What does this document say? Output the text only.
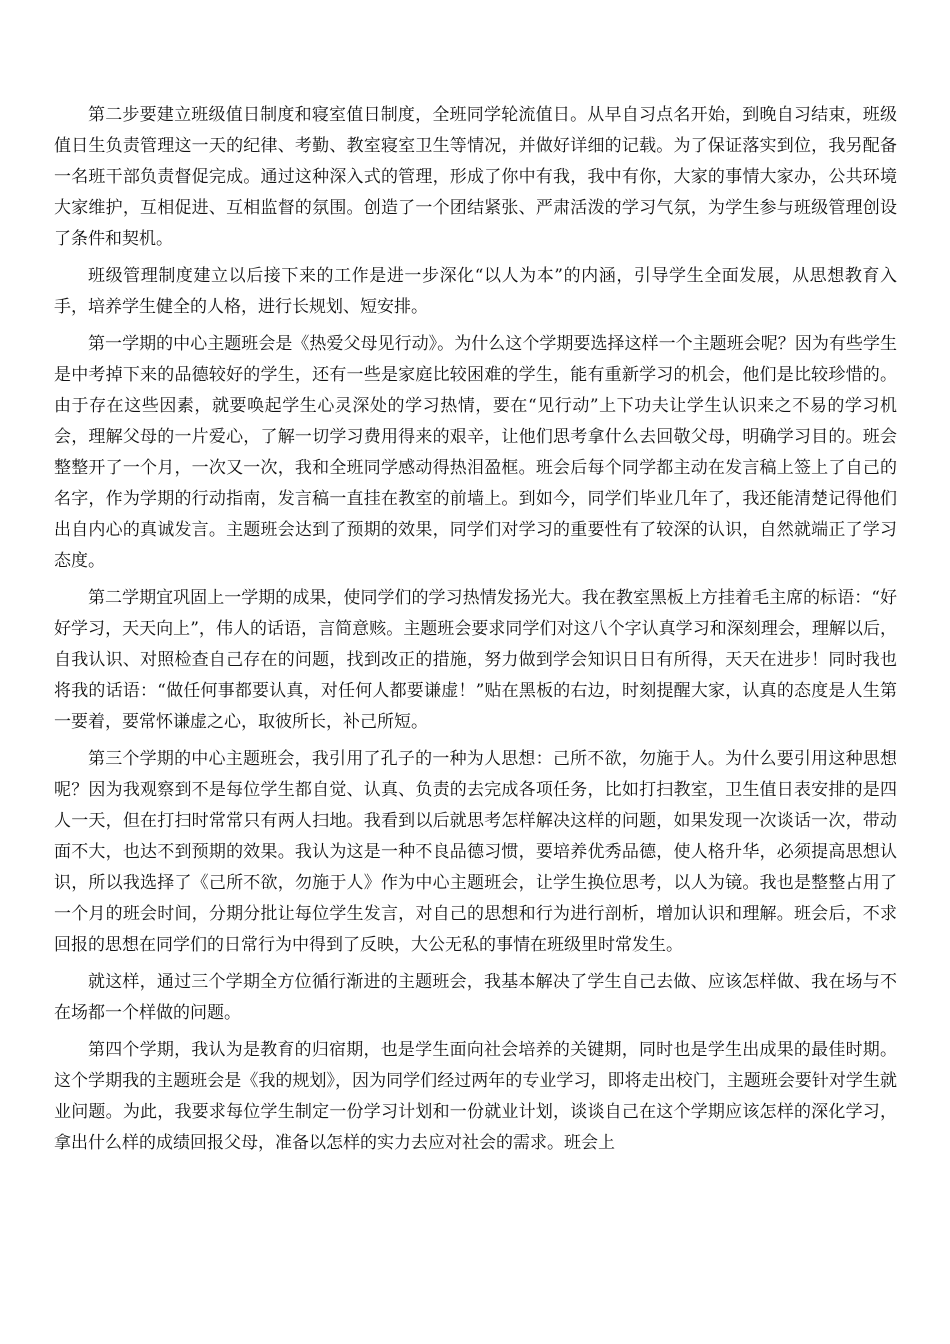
第二步要建立班级值日制度和寝室值日制度，全班同学轮流值日。从早自习点名开始，到晚自习结束，班级值日生负责管理这一天的纪律、考勤、教室寝室卫生等情况，并做好详细的记载。为了保证落实到位，我另配备一名班干部负责督促完成。通过这种深入式的管理，形成了你中有我，我中有你，大家的事情大家办，公共环境大家维护，互相促进、互相监督的氛围。创造了一个团结紧张、严肃活泼的学习气氛，为学生参与班级管理创设了条件和契机。

班级管理制度建立以后接下来的工作是进一步深化“以人为本”的内涵，引导学生全面发展，从思想教育入手，培养学生健全的人格，进行长规划、短安排。

第一学期的中心主题班会是《热爱父母见行动》。为什么这个学期要选择这样一个主题班会呢？因为有些学生是中考掉下来的品德较好的学生，还有一些是家庭比较困难的学生，能有重新学习的机会，他们是比较珍惜的。由于存在这些因素，就要唤起学生心灵深处的学习热情，要在“见行动”上下功夫让学生认识来之不易的学习机会，理解父母的一片爱心，了解一切学习费用得来的艰辛，让他们思考拿什么去回敬父母，明确学习目的。班会整整开了一个月，一次又一次，我和全班同学感动得热泪盈框。班会后每个同学都主动在发言稿上签上了自己的名字，作为学期的行动指南，发言稿一直挂在教室的前墙上。到如今，同学们毕业几年了，我还能清楚记得他们出自内心的真诚发言。主题班会达到了预期的效果，同学们对学习的重要性有了较深的认识，自然就端正了学习态度。

第二学期宜巩固上一学期的成果，使同学们的学习热情发扬光大。我在教室黑板上方挂着毛主席的标语：“好好学习，天天向上”，伟人的话语，言简意赅。主题班会要求同学们对这八个字认真学习和深刻理会，理解以后，自我认识、对照检查自己存在的问题，找到改正的措施，努力做到学会知识日日有所得，天天在进步！同时我也将我的话语：“做任何事都要认真，对任何人都要谦虚！”贴在黑板的右边，时刻提醒大家，认真的态度是人生第一要着，要常怀谦虚之心，取彼所长，补己所短。

第三个学期的中心主题班会，我引用了孔子的一种为人思想：己所不欲，勿施于人。为什么要引用这种思想呢？因为我观察到不是每位学生都自觉、认真、负责的去完成各项任务，比如打扫教室，卫生值日表安排的是四人一天，但在打扫时常常只有两人扫地。我看到以后就思考怎样解决这样的问题，如果发现一次谈话一次，带动面不大，也达不到预期的效果。我认为这是一种不良品德习惯，要培养优秀品德，使人格升华，必须提高思想认识，所以我选择了《己所不欲，勿施于人》作为中心主题班会，让学生换位思考，以人为镜。我也是整整占用了一个月的班会时间，分期分批让每位学生发言，对自己的思想和行为进行剖析，增加认识和理解。班会后，不求回报的思想在同学们的日常行为中得到了反映，大公无私的事情在班级里时常发生。

就这样，通过三个学期全方位循行渐进的主题班会，我基本解决了学生自己去做、应该怎样做、我在场与不在场都一个样做的问题。

第四个学期，我认为是教育的归宿期，也是学生面向社会培养的关键期，同时也是学生出成果的最佳时期。这个学期我的主题班会是《我的规划》，因为同学们经过两年的专业学习，即将走出校门，主题班会要针对学生就业问题。为此，我要求每位学生制定一份学习计划和一份就业计划，谈谈自己在这个学期应该怎样的深化学习，拿出什么样的成绩回报父母，准备以怎样的实力去应对社会的需求。班会上
